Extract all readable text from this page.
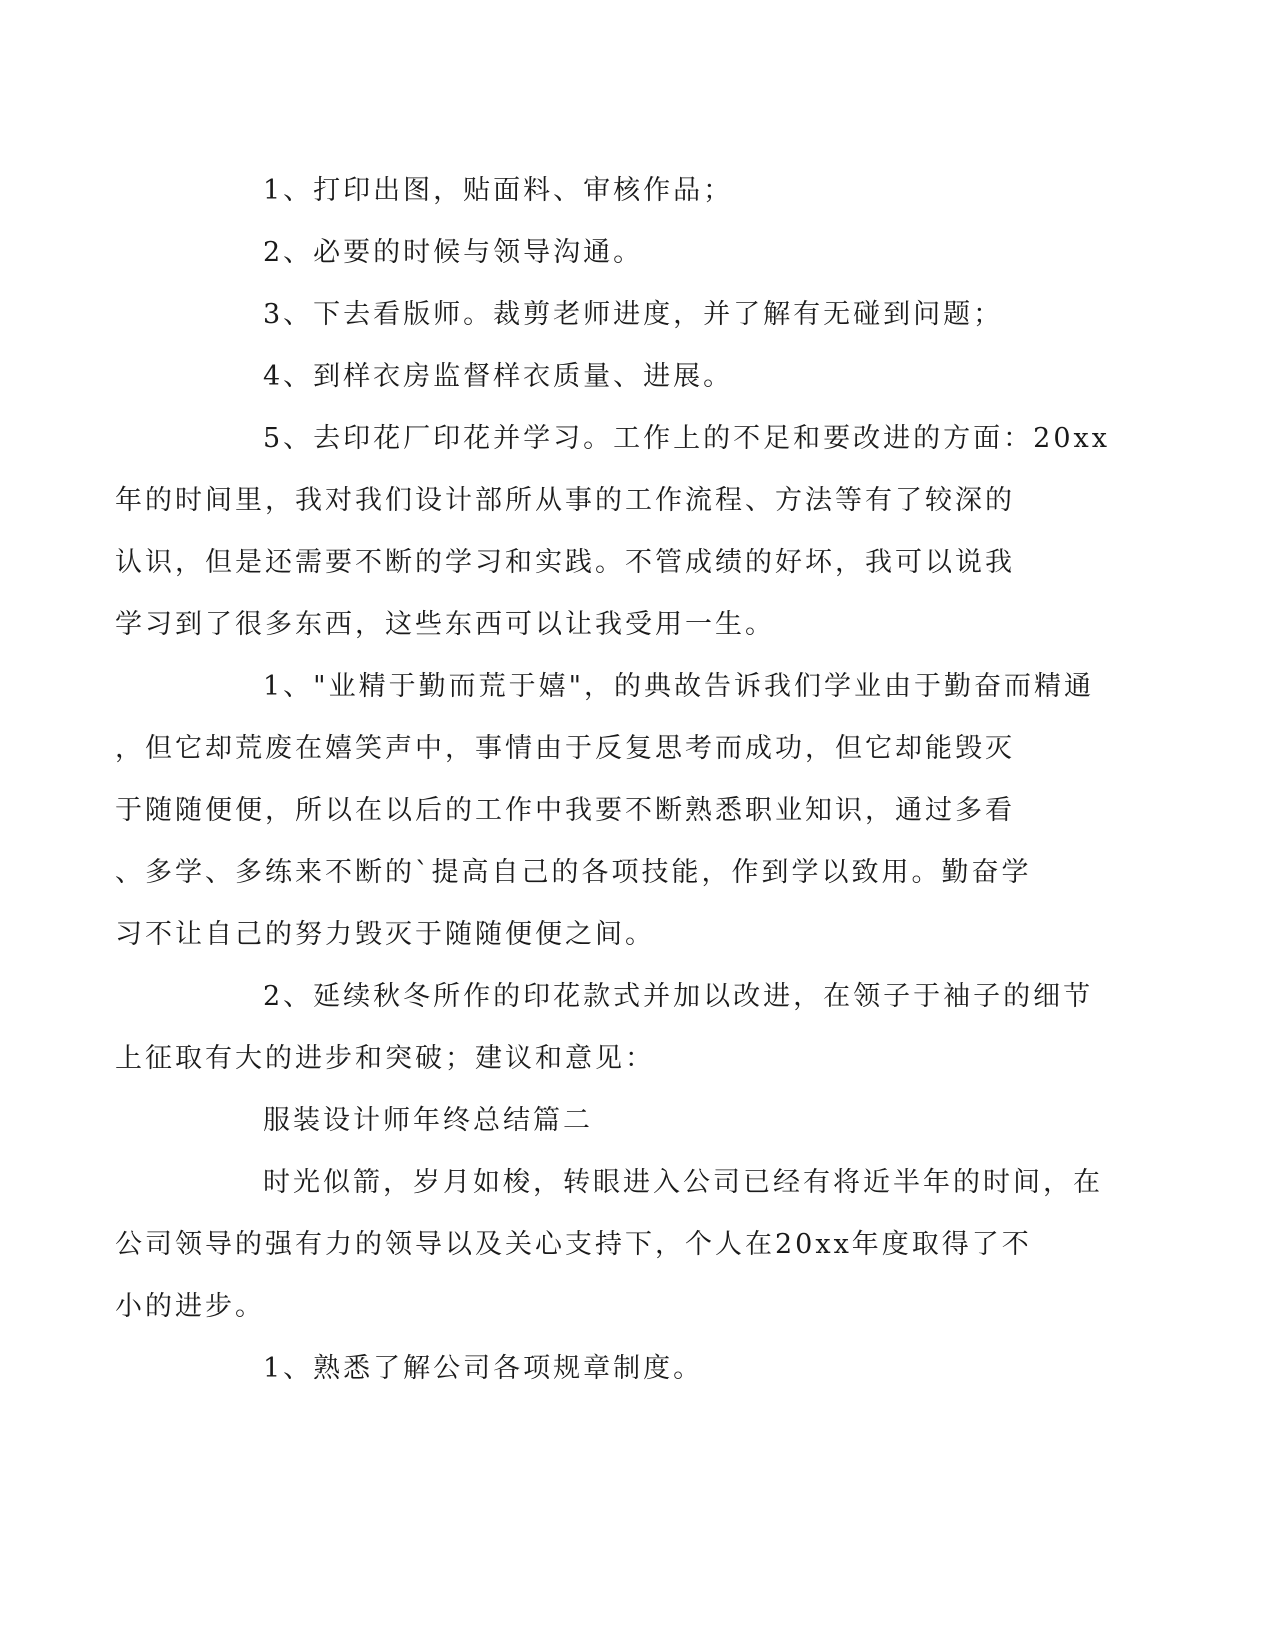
1、打印出图，贴面料、审核作品；

2、必要的时候与领导沟通。

3、下去看版师。裁剪老师进度，并了解有无碰到问题；

4、到样衣房监督样衣质量、进展。

5、去印花厂印花并学习。工作上的不足和要改进的方面：20xx
年的时间里，我对我们设计部所从事的工作流程、方法等有了较深的
认识，但是还需要不断的学习和实践。不管成绩的好坏，我可以说我
学习到了很多东西，这些东西可以让我受用一生。

1、"业精于勤而荒于嬉"，的典故告诉我们学业由于勤奋而精通
，但它却荒废在嬉笑声中，事情由于反复思考而成功，但它却能毁灭
于随随便便，所以在以后的工作中我要不断熟悉职业知识，通过多看
、多学、多练来不断的`提高自己的各项技能，作到学以致用。勤奋学
习不让自己的努力毁灭于随随便便之间。

2、延续秋冬所作的印花款式并加以改进，在领子于袖子的细节
上征取有大的进步和突破；建议和意见：

服装设计师年终总结篇二

时光似箭，岁月如梭，转眼进入公司已经有将近半年的时间，在
公司领导的强有力的领导以及关心支持下，个人在20xx年度取得了不
小的进步。

1、熟悉了解公司各项规章制度。
